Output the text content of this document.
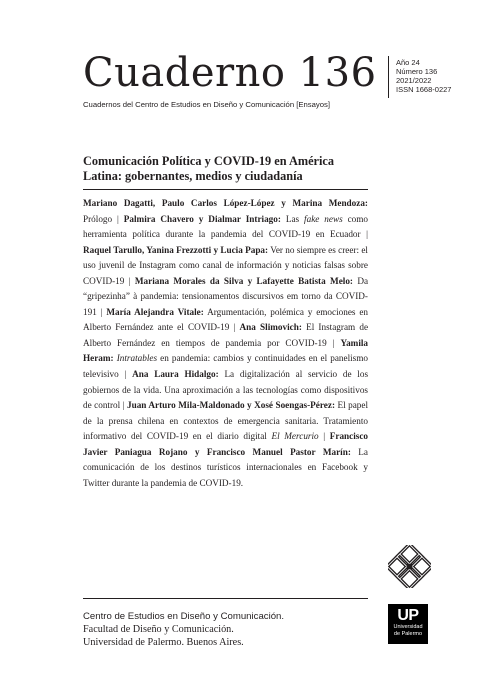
Cuaderno 136	Año 24
Número 136
2021/2022
ISSN 1668-0227
Cuadernos del Centro de Estudios en Diseño y Comunicación [Ensayos]
Comunicación Política y COVID-19 en América
Latina: gobernantes, medios y ciudadanía

Mariano Dagatti, Paulo Carlos López-López y Marina Mendoza: Prólogo | Palmira Chavero y Dialmar Intriago: Las fake news como herramienta política durante la pandemia del COVID-19 en Ecuador | Raquel Tarullo, Yanina Frezzotti y Lucia Papa: Ver no siempre es creer: el uso juvenil de Instagram como canal de información y noticias falsas sobre COVID-19 | Mariana Morales da Silva y Lafayette Batista Melo: Da “gripezinha” à pandemia: tensionamentos discursivos em torno da COVID-191 | María Alejandra Vitale: Argumentación, polémica y emociones en Alberto Fernández ante el COVID-19 | Ana Slimovich: El Instagram de Alberto Fernández en tiempos de pandemia por COVID-19 | Yamila Heram: Intratables en pandemia: cambios y continuidades en el panelismo televisivo | Ana Laura Hidalgo: La digitalización al servicio de los gobiernos de la vida. Una aproximación a las tecnologías como dispositivos de control | Juan Arturo Mila-Maldonado y Xosé Soengas-Pérez: El papel de la prensa chilena en contextos de emergencia sanitaria. Tratamiento informativo del COVID-19 en el diario digital El Mercurio | Francisco Javier Paniagua Rojano y Francisco Manuel Pastor Marín: La comunicación de los destinos turísticos internacionales en Facebook y Twitter durante la pandemia de COVID-19.

Centro de Estudios en Diseño y Comunicación.
Facultad de Diseño y Comunicación.
Universidad de Palermo. Buenos Aires.
UP
Universidad
de Palermo
